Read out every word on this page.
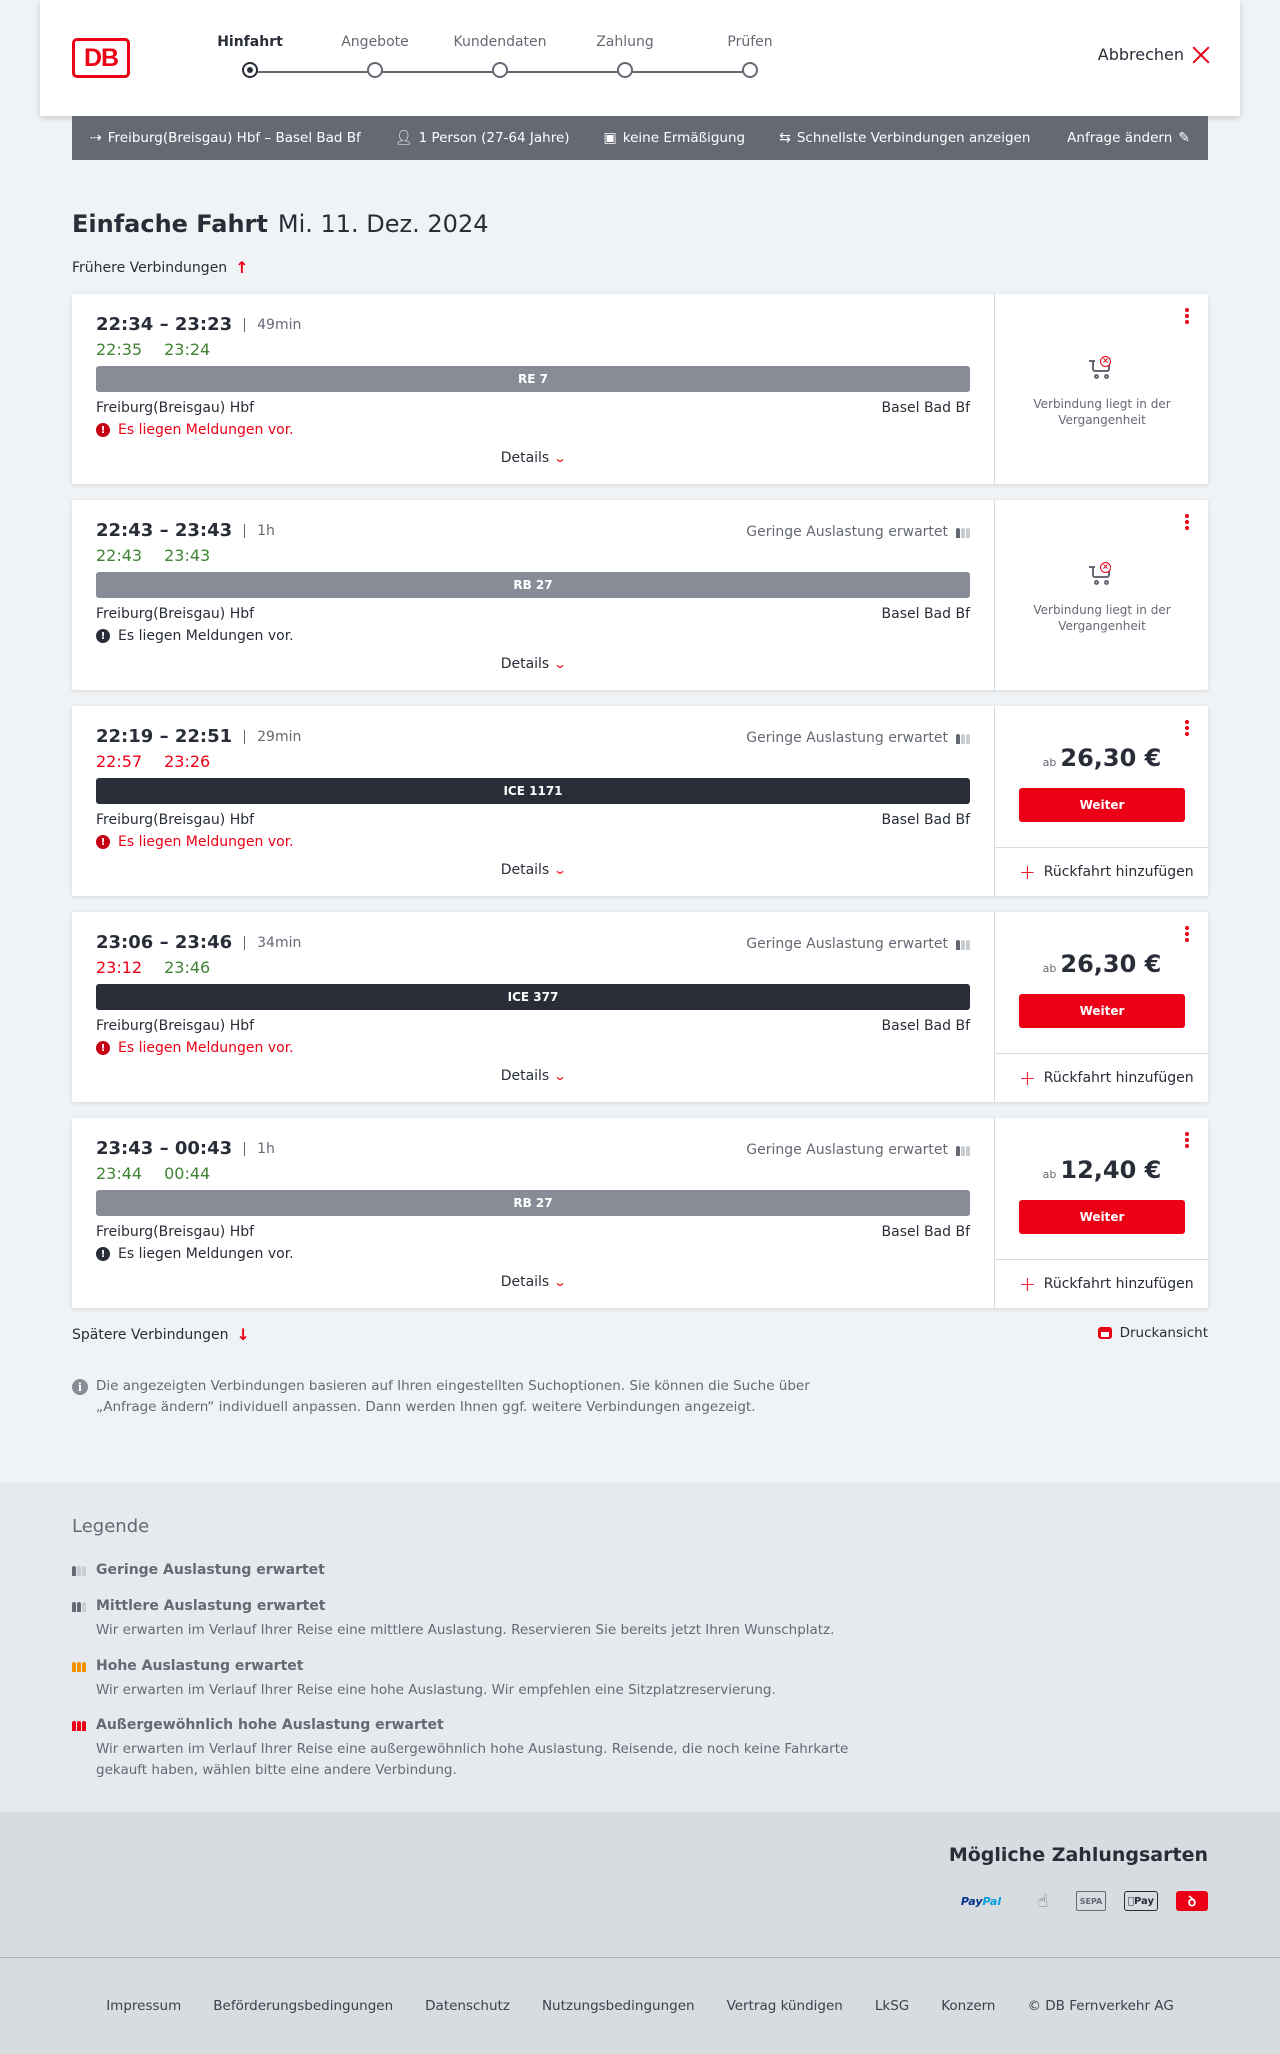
DB
Hinfahrt	Angebote	Kundendaten	Zahlung	Prüfen
Abbrechen
⇢ Freiburg(Breisgau) Hbf – Basel Bad Bf 👤︎ 1 Person (27-64 Jahre) ▣ keine Ermäßigung ⇆ Schnellste Verbindungen anzeigen	Anfrage ändern ✎
Einfache Fahrt Mi. 11. Dez. 2024
Frühere Verbindungen ↑
22:34 – 23:23	49min
22:35 23:24
RE 7
Freiburg(Breisgau) Hbf	Basel Bad Bf
! Es liegen Meldungen vor.
Details ⌄
×
Verbindung liegt in der Vergangenheit
22:43 – 23:43	1h
22:43 23:43
Geringe Auslastung erwartet
RB 27
Freiburg(Breisgau) Hbf	Basel Bad Bf
! Es liegen Meldungen vor.
Details ⌄
×
Verbindung liegt in der Vergangenheit
22:19 – 22:51	29min
22:57 23:26
Geringe Auslastung erwartet
ICE 1171
Freiburg(Breisgau) Hbf	Basel Bad Bf
! Es liegen Meldungen vor.
Details ⌄
ab 26,30 €
Weiter
+ Rückfahrt hinzufügen
23:06 – 23:46	34min
23:12 23:46
Geringe Auslastung erwartet
ICE 377
Freiburg(Breisgau) Hbf	Basel Bad Bf
! Es liegen Meldungen vor.
Details ⌄
ab 26,30 €
Weiter
+ Rückfahrt hinzufügen
23:43 – 00:43	1h
23:44 00:44
Geringe Auslastung erwartet
RB 27
Freiburg(Breisgau) Hbf	Basel Bad Bf
! Es liegen Meldungen vor.
Details ⌄
ab 12,40 €
Weiter
+ Rückfahrt hinzufügen
Spätere Verbindungen ↓	Druckansicht
i	Die angezeigten Verbindungen basieren auf Ihren eingestellten Suchoptionen. Sie können die Suche über „Anfrage ändern“ individuell anpassen. Dann werden Ihnen ggf. weitere Verbindungen angezeigt.
Legende
Geringe Auslastung erwartet
Mittlere Auslastung erwartet
Wir erwarten im Verlauf Ihrer Reise eine mittlere Auslastung. Reservieren Sie bereits jetzt Ihren Wunschplatz.
Hohe Auslastung erwartet
Wir erwarten im Verlauf Ihrer Reise eine hohe Auslastung. Wir empfehlen eine Sitzplatzreservierung.
Außergewöhnlich hohe Auslastung erwartet
Wir erwarten im Verlauf Ihrer Reise eine außergewöhnlich hohe Auslastung. Reisende, die noch keine Fahrkarte gekauft haben, wählen bitte eine andere Verbindung.
Mögliche Zahlungsarten
Pay Pal	☝	SEPA	Pay	ꝺ
Impressum Beförderungsbedingungen Datenschutz Nutzungsbedingungen Vertrag kündigen LkSG Konzern © DB Fernverkehr AG
